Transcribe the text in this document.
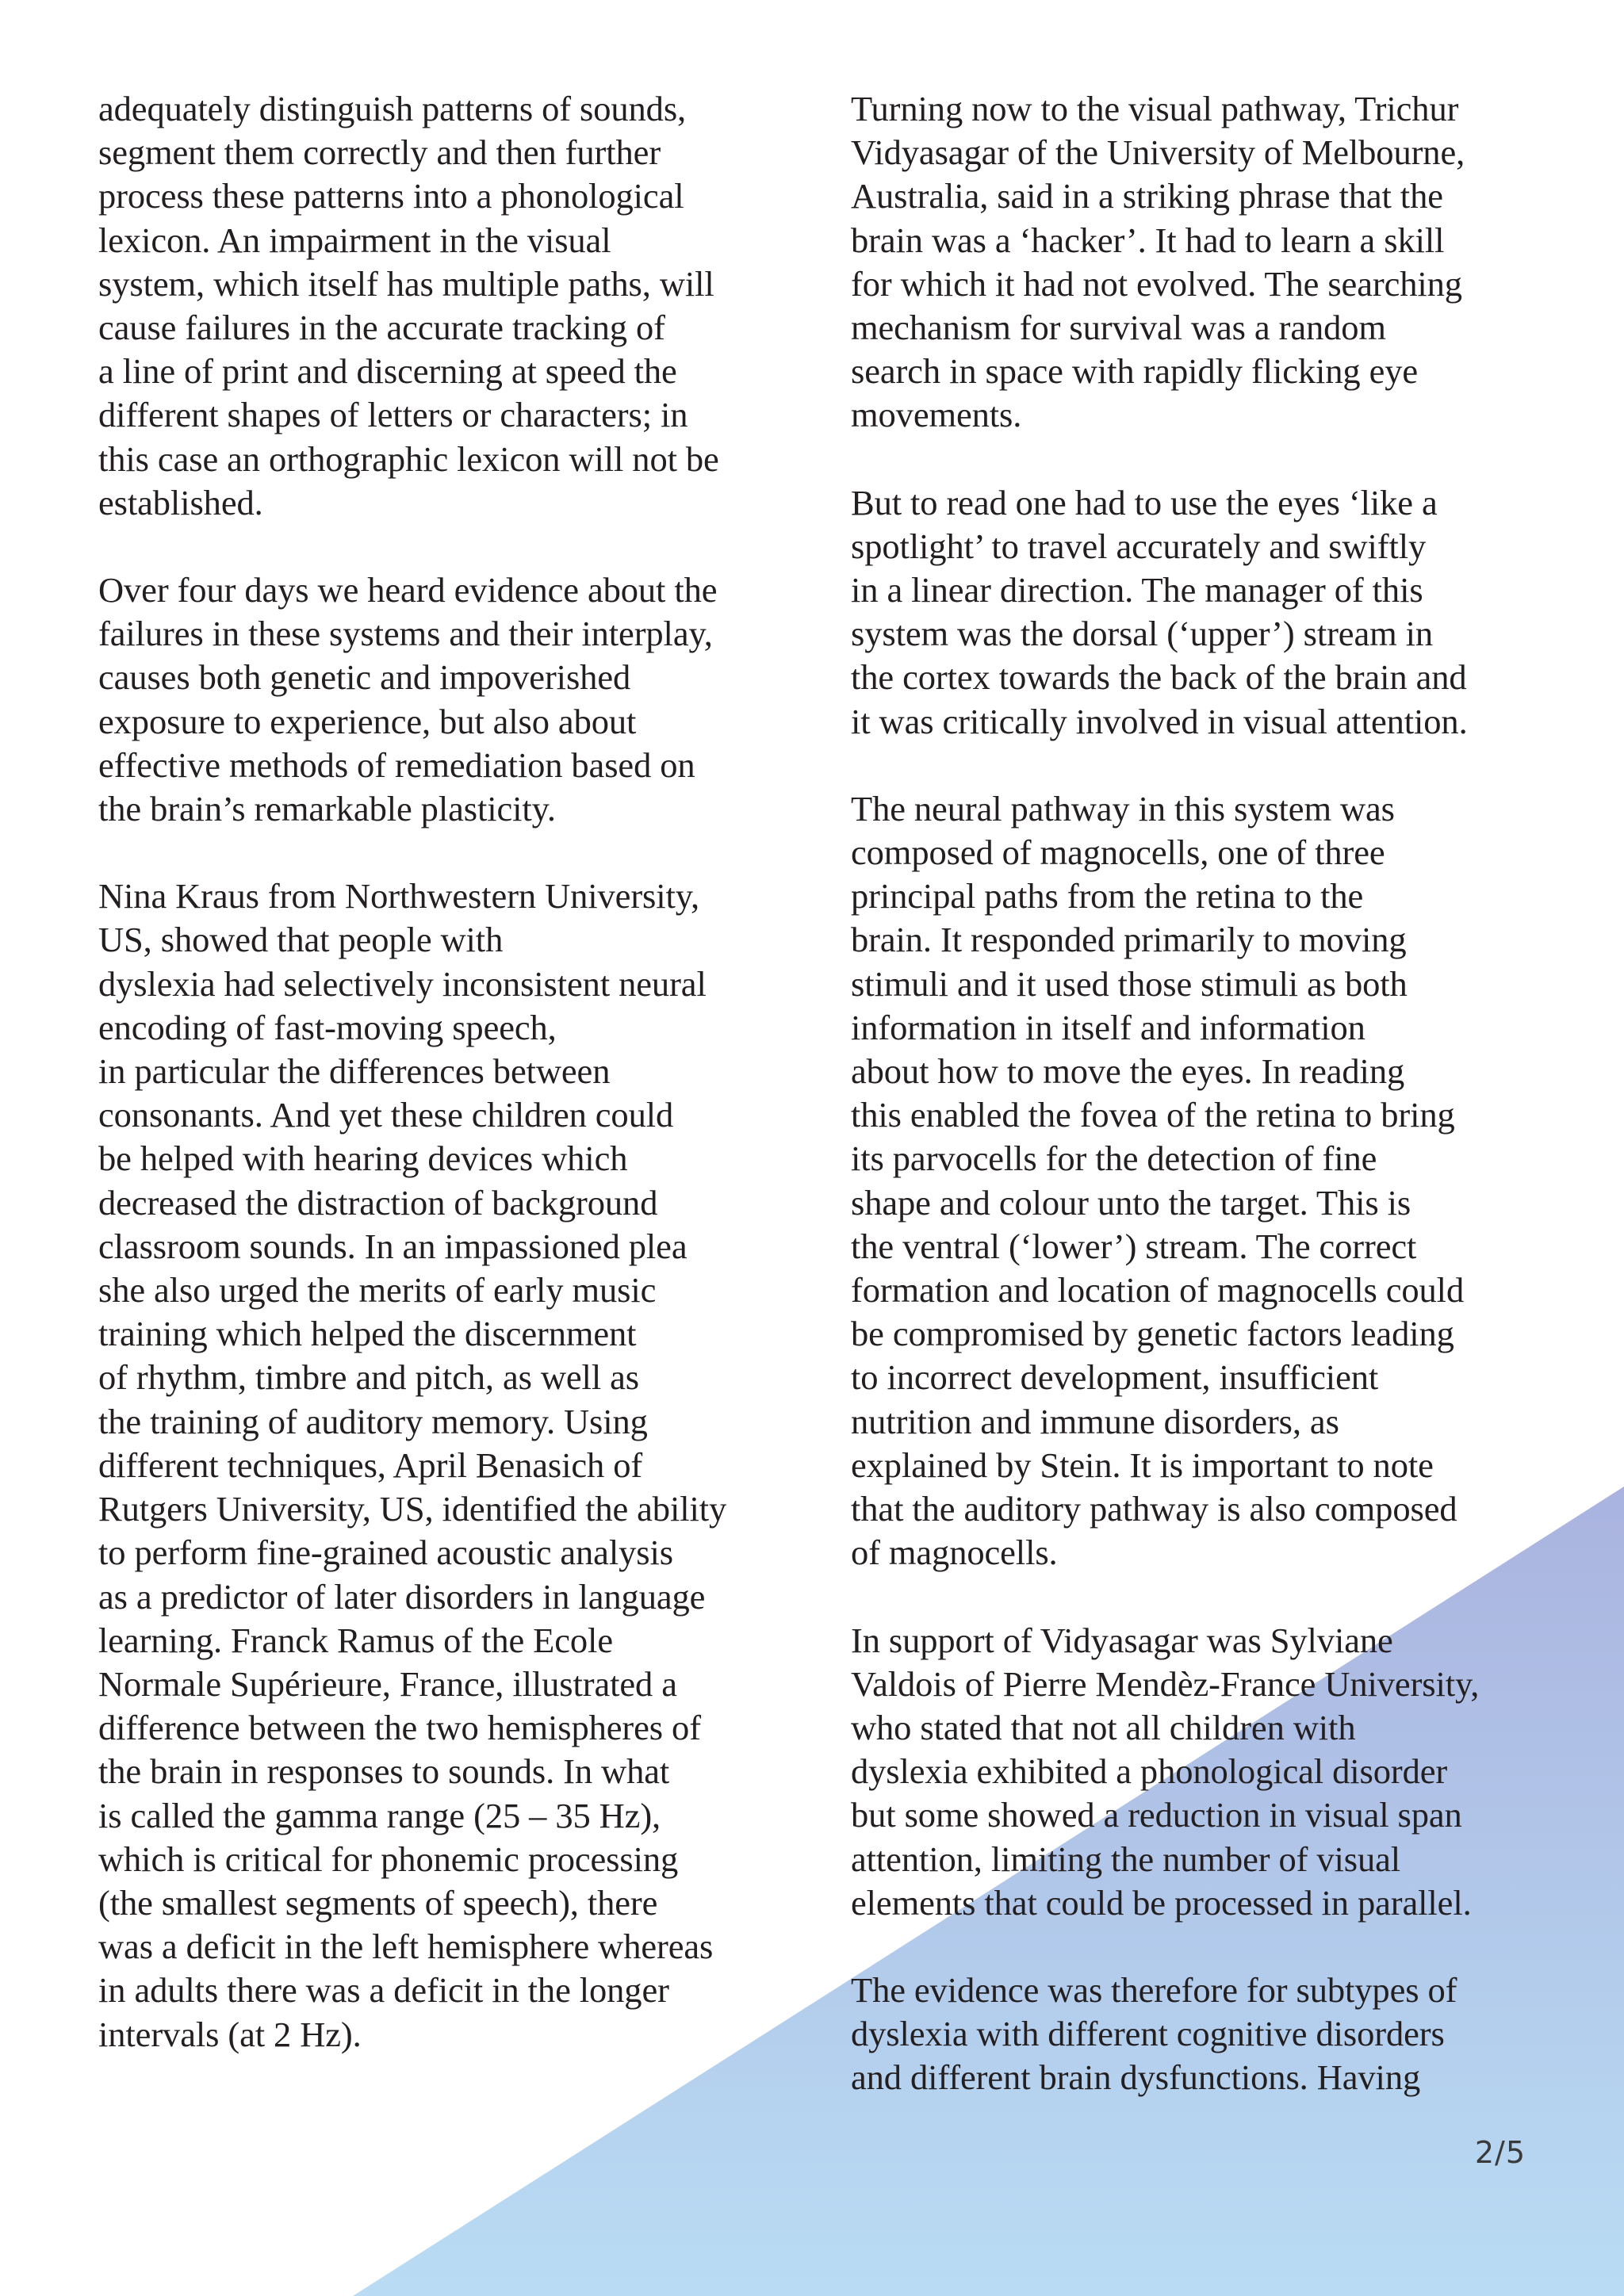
adequately distinguish patterns of sounds,
segment them correctly and then further
process these patterns into a phonological
lexicon. An impairment in the visual
system, which itself has multiple paths, will
cause failures in the accurate tracking of
a line of print and discerning at speed the
different shapes of letters or characters; in
this case an orthographic lexicon will not be
established.

Over four days we heard evidence about the
failures in these systems and their interplay,
causes both genetic and impoverished
exposure to experience, but also about
effective methods of remediation based on
the brain’s remarkable plasticity.

Nina Kraus from Northwestern University,
US, showed that people with
dyslexia had selectively inconsistent neural
encoding of fast-moving speech,
in particular the differences between
consonants. And yet these children could
be helped with hearing devices which
decreased the distraction of background
classroom sounds. In an impassioned plea
she also urged the merits of early music
training which helped the discernment
of rhythm, timbre and pitch, as well as
the training of auditory memory. Using
different techniques, April Benasich of
Rutgers University, US, identified the ability
to perform fine-grained acoustic analysis
as a predictor of later disorders in language
learning. Franck Ramus of the Ecole
Normale Supérieure, France, illustrated a
difference between the two hemispheres of
the brain in responses to sounds. In what
is called the gamma range (25 – 35 Hz),
which is critical for phonemic processing
(the smallest segments of speech), there
was a deficit in the left hemisphere whereas
in adults there was a deficit in the longer
intervals (at 2 Hz).

Turning now to the visual pathway, Trichur
Vidyasagar of the University of Melbourne,
Australia, said in a striking phrase that the
brain was a ‘hacker’. It had to learn a skill
for which it had not evolved. The searching
mechanism for survival was a random
search in space with rapidly flicking eye
movements.

But to read one had to use the eyes ‘like a
spotlight’ to travel accurately and swiftly
in a linear direction. The manager of this
system was the dorsal (‘upper’) stream in
the cortex towards the back of the brain and
it was critically involved in visual attention.

The neural pathway in this system was
composed of magnocells, one of three
principal paths from the retina to the
brain. It responded primarily to moving
stimuli and it used those stimuli as both
information in itself and information
about how to move the eyes. In reading
this enabled the fovea of the retina to bring
its parvocells for the detection of fine
shape and colour unto the target. This is
the ventral (‘lower’) stream. The correct
formation and location of magnocells could
be compromised by genetic factors leading
to incorrect development, insufficient
nutrition and immune disorders, as
explained by Stein. It is important to note
that the auditory pathway is also composed
of magnocells.

In support of Vidyasagar was Sylviane
Valdois of Pierre Mendèz-France University,
who stated that not all children with
dyslexia exhibited a phonological disorder
but some showed a reduction in visual span
attention, limiting the number of visual
elements that could be processed in parallel.

The evidence was therefore for subtypes of
dyslexia with different cognitive disorders
and different brain dysfunctions. Having

2/5
